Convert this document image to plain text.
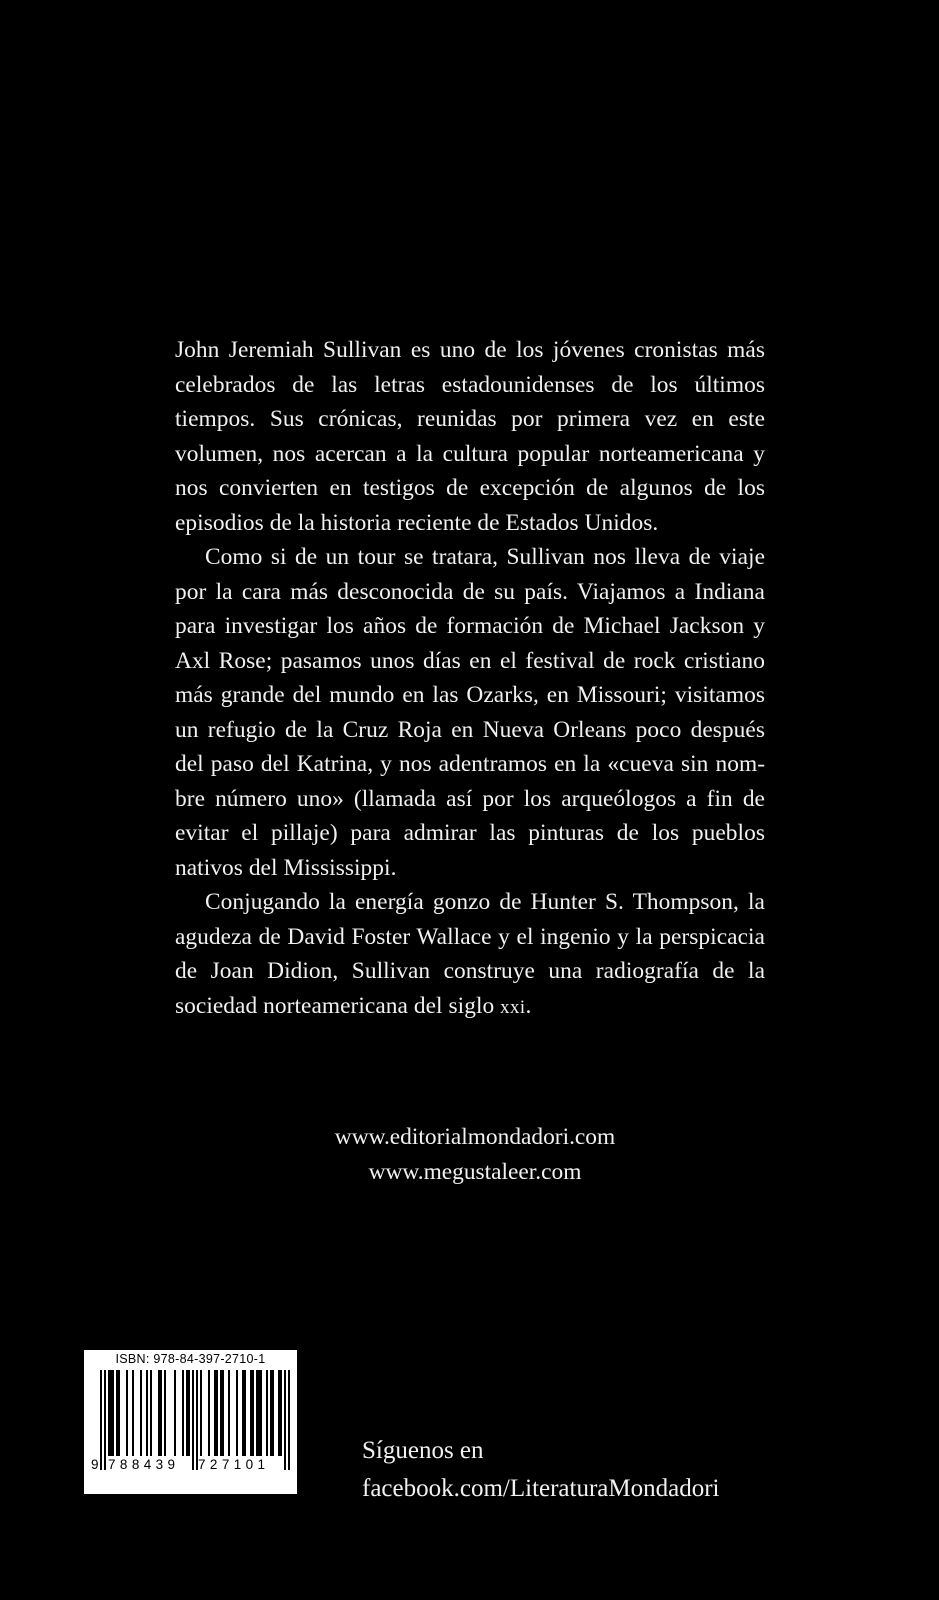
John Jeremiah Sullivan es uno de los jóvenes cronistas más celebrados de las letras estadounidenses de los últimos tiempos. Sus crónicas, reunidas por primera vez en este volumen, nos acercan a la cultura popular norteamericana y nos convierten en testigos de excepción de algunos de los episodios de la historia reciente de Estados Unidos.

Como si de un tour se tratara, Sullivan nos lleva de viaje por la cara más desconocida de su país. Viajamos a Indiana para investigar los años de formación de Michael Jackson y Axl Rose; pasamos unos días en el festival de rock cristiano más grande del mundo en las Ozarks, en Missouri; visitamos un refugio de la Cruz Roja en Nueva Orleans poco después del paso del Katrina, y nos adentramos en la «cueva sin nombre número uno» (llamada así por los arqueólogos a fin de evitar el pillaje) para admirar las pinturas de los pueblos nativos del Mississippi.

Conjugando la energía gonzo de Hunter S. Thompson, la agudeza de David Foster Wallace y el ingenio y la perspicacia de Joan Didion, Sullivan construye una radiografía de la sociedad norteamericana del siglo xxi.

www.editorialmondadori.com
www.megustaleer.com
ISBN: 978-84-397-2710-1
9 788439 727101
Síguenos en
facebook.com/LiteraturaMondadori
